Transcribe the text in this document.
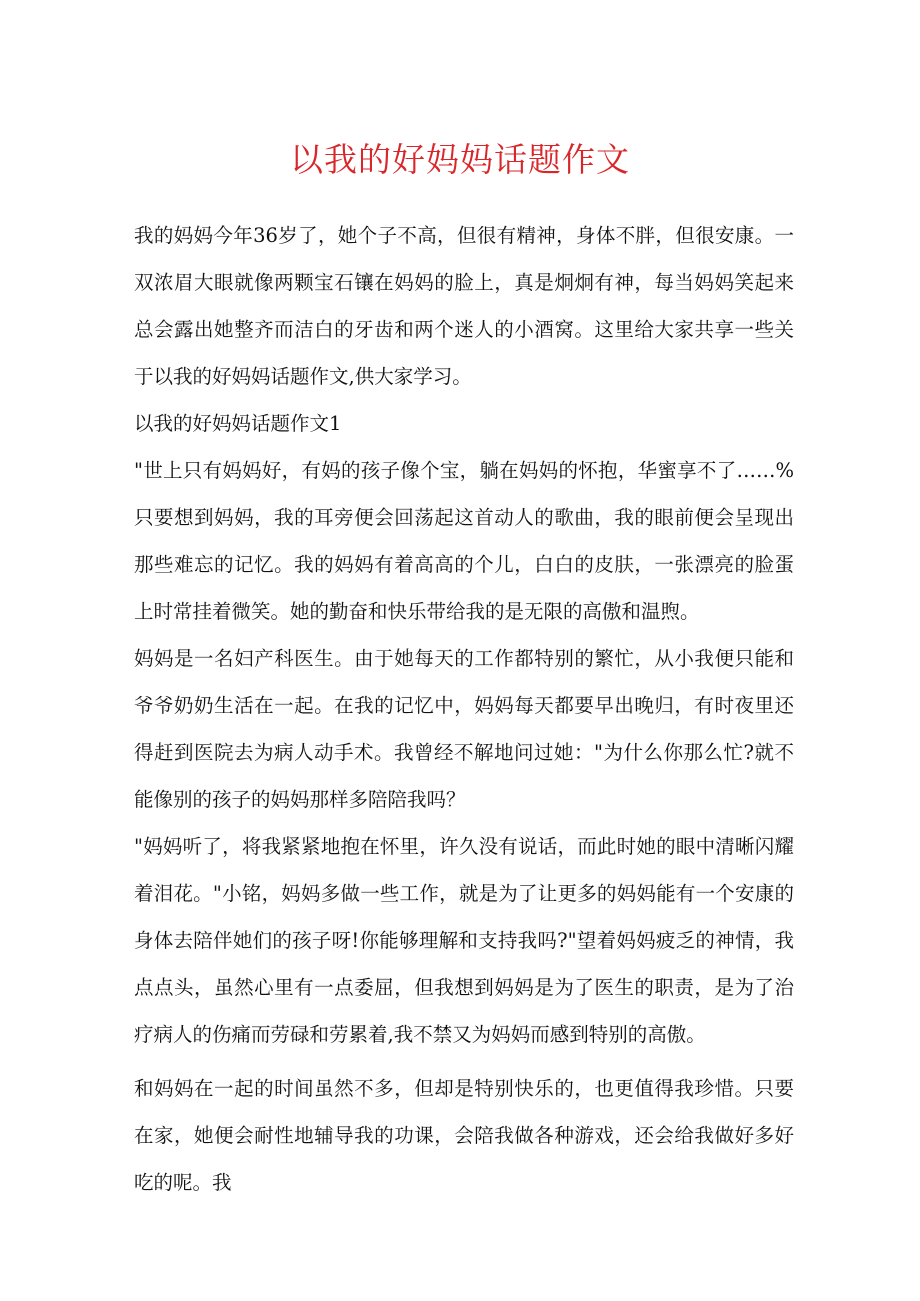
以我的好妈妈话题作文

我的妈妈今年36岁了，她个子不高，但很有精神，身体不胖，但很安康。一双浓眉大眼就像两颗宝石镶在妈妈的脸上，真是炯炯有神，每当妈妈笑起来总会露出她整齐而洁白的牙齿和两个迷人的小酒窝。这里给大家共享一些关于以我的好妈妈话题作文,供大家学习。

以我的好妈妈话题作文1

"世上只有妈妈好，有妈的孩子像个宝，躺在妈妈的怀抱，华蜜享不了……%只要想到妈妈，我的耳旁便会回荡起这首动人的歌曲，我的眼前便会呈现出那些难忘的记忆。我的妈妈有着高高的个儿，白白的皮肤，一张漂亮的脸蛋上时常挂着微笑。她的勤奋和快乐带给我的是无限的高傲和温煦。

妈妈是一名妇产科医生。由于她每天的工作都特别的繁忙，从小我便只能和爷爷奶奶生活在一起。在我的记忆中，妈妈每天都要早出晚归，有时夜里还得赶到医院去为病人动手术。我曾经不解地问过她："为什么你那么忙?就不能像别的孩子的妈妈那样多陪陪我吗？

"妈妈听了，将我紧紧地抱在怀里，许久没有说话，而此时她的眼中清晰闪耀着泪花。"小铭，妈妈多做一些工作，就是为了让更多的妈妈能有一个安康的身体去陪伴她们的孩子呀!你能够理解和支持我吗?"望着妈妈疲乏的神情，我点点头，虽然心里有一点委屈，但我想到妈妈是为了医生的职责，是为了治疗病人的伤痛而劳碌和劳累着,我不禁又为妈妈而感到特别的高傲。

和妈妈在一起的时间虽然不多，但却是特别快乐的，也更值得我珍惜。只要在家，她便会耐性地辅导我的功课，会陪我做各种游戏，还会给我做好多好吃的呢。我
